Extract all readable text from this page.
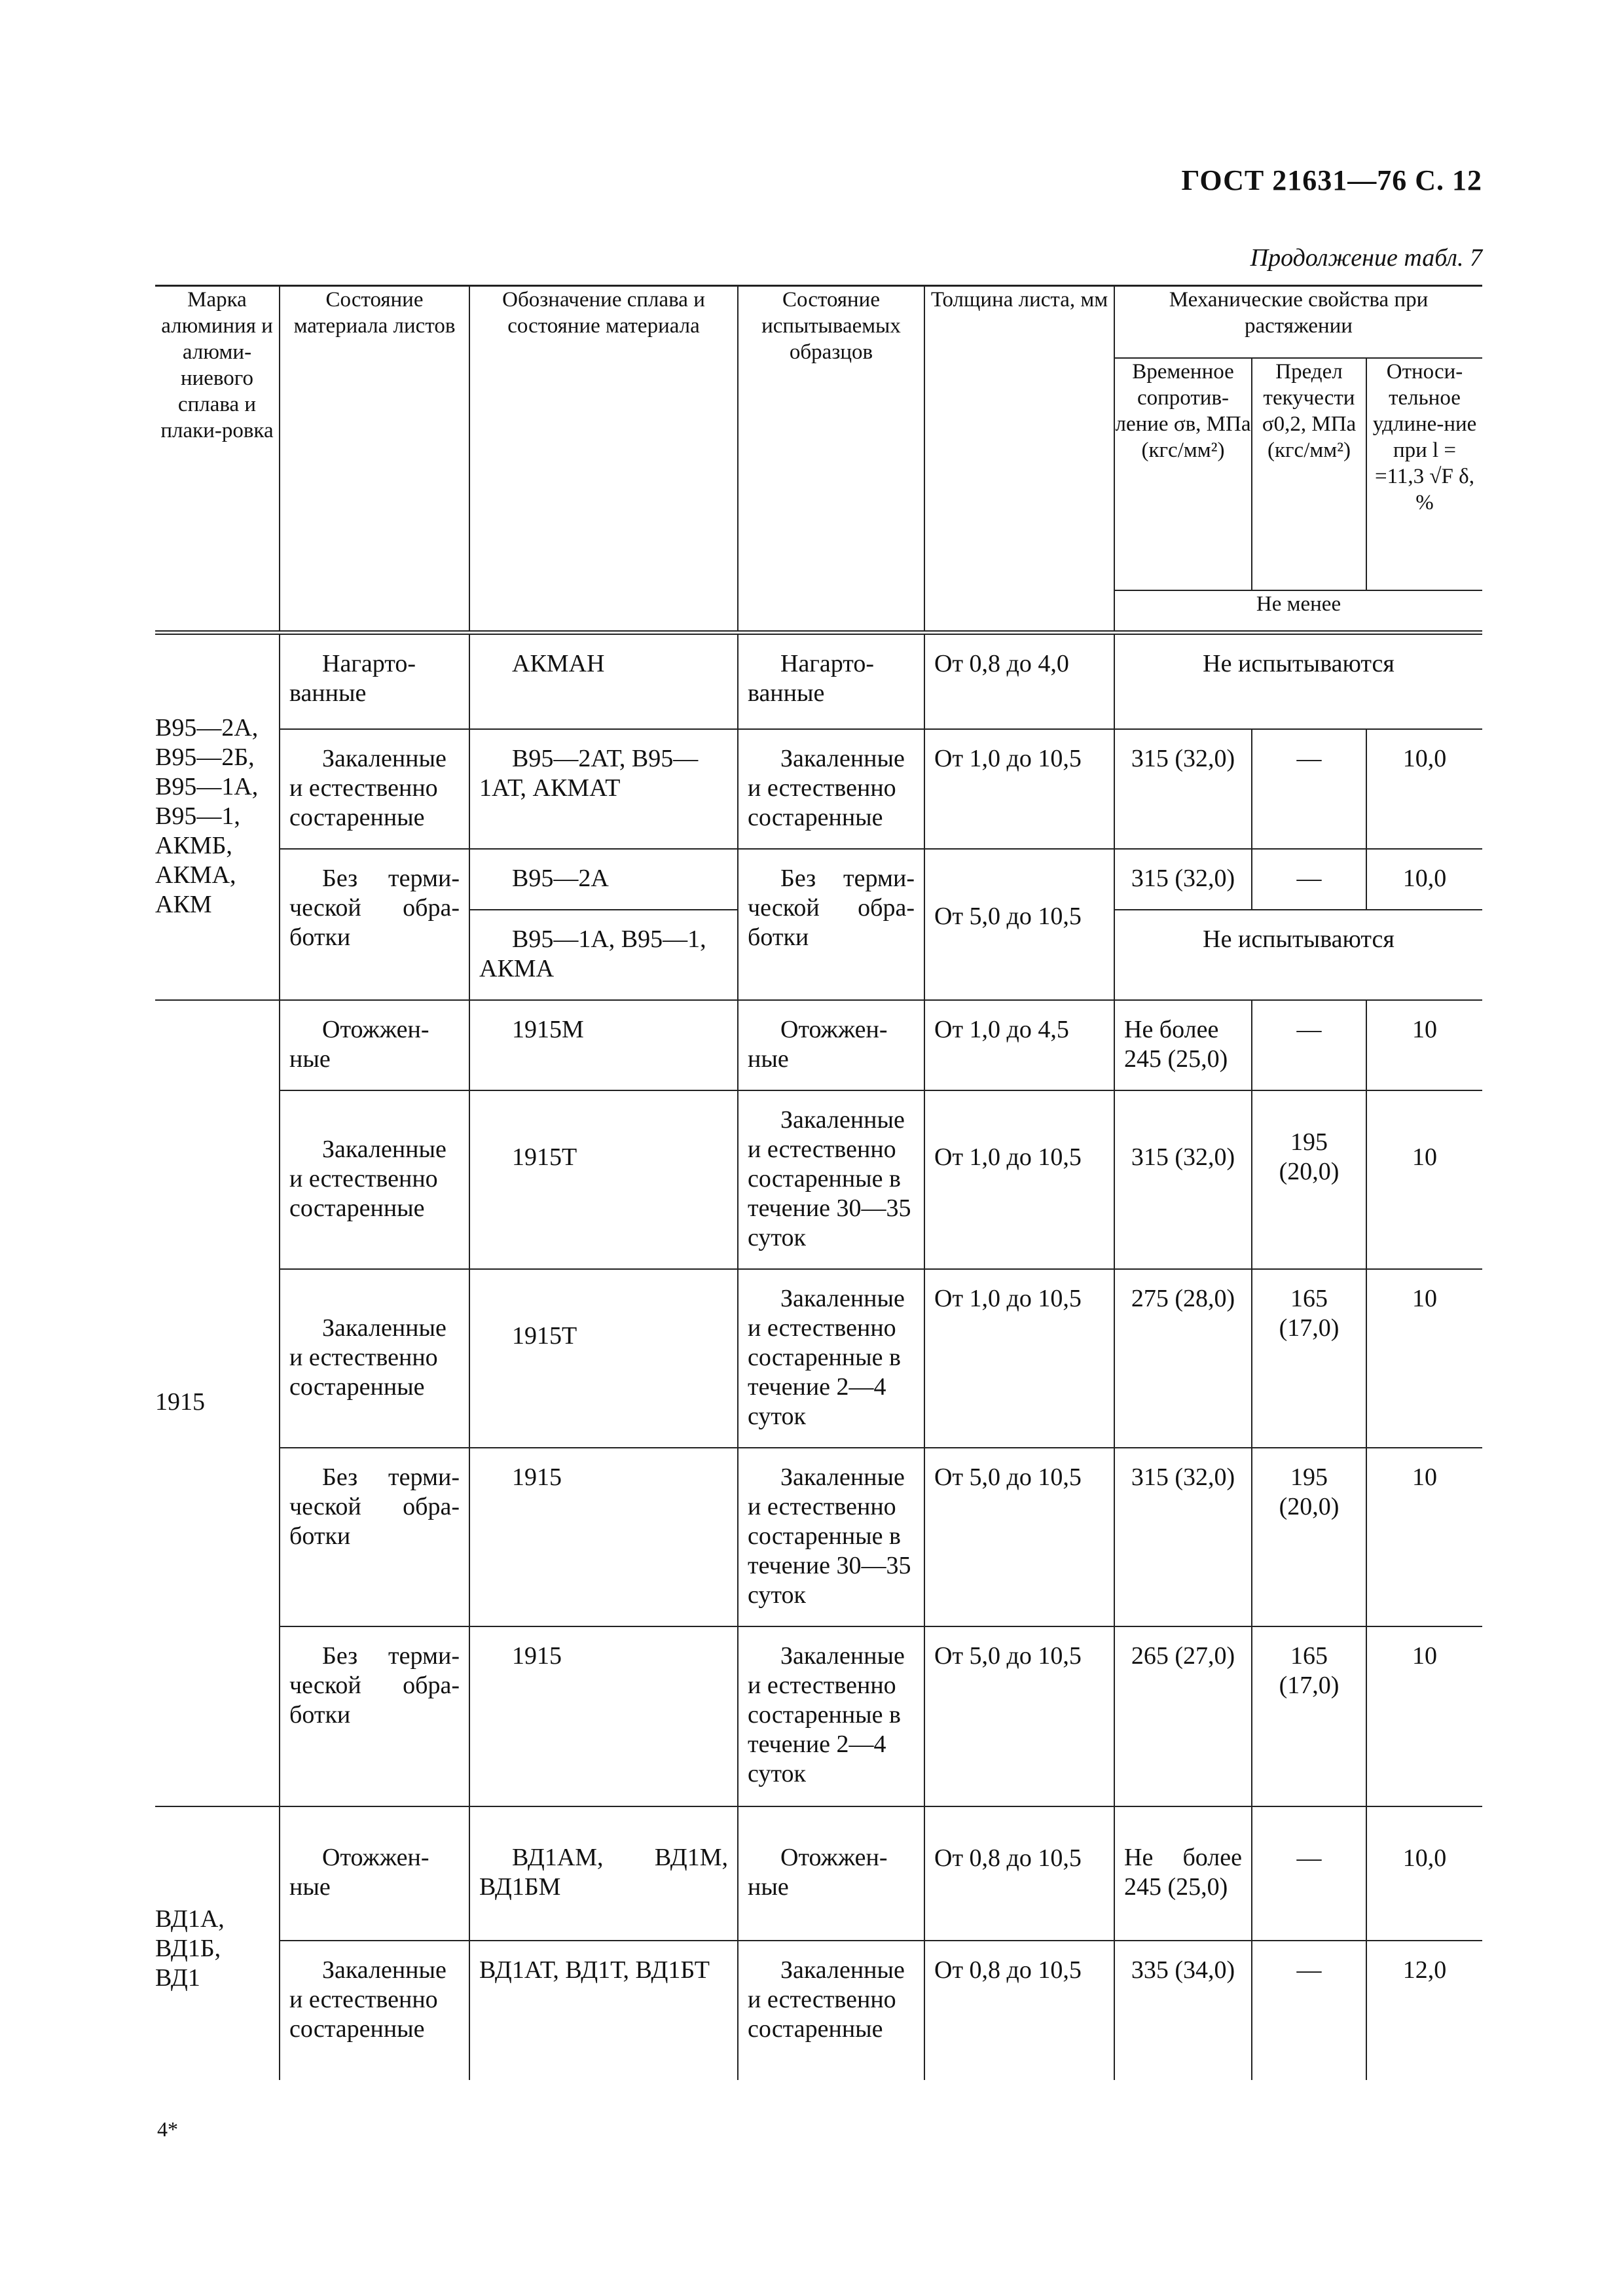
ГОСТ 21631—76 С. 12
Продолжение табл. 7
Марка алюминия и алюми-ниевого сплава и плаки-ровка	Состояние материала листов	Обозначение сплава и состояние материала	Состояние испытываемых образцов	Толщина листа, мм	Механические свойства при растяжении		
					Временное сопротив-ление σв, МПа (кгс/мм²)	Предел текучести σ0,2, МПа (кгс/мм²)	Относи-тельное удлине-ние при l = =11,3 √F δ, %
					Не менее		

В95—2А, В95—2Б, В95—1А, В95—1, АКМБ, АКМА, АКМ	Нагарто-ванные	АКМАН	Нагарто-ванные	От 0,8 до 4,0	Не испытываются		

	Закаленные и естественно состаренные	В95—2АТ, В95—1АТ, АКМАТ	Закаленные и естественно состаренные	От 1,0 до 10,5	315 (32,0)	—	10,0

	Без терми-ческой обра-ботки	В95—2А	Без терми-ческой обра-ботки	От 5,0 до 10,5	315 (32,0)	—	10,0

		В95—1А, В95—1, АКМА			Не испытываются		

1915	Отожжен-ные	1915М	Отожжен-ные	От 1,0 до 4,5	Не более 245 (25,0)	—	10

	Закаленные и естественно состаренные	1915Т	Закаленные и естественно состаренные в течение 30—35 суток	От 1,0 до 10,5	315 (32,0)	195 (20,0)	10

	Закаленные и естественно состаренные	1915Т	Закаленные и естественно состаренные в течение 2—4 суток	От 1,0 до 10,5	275 (28,0)	165 (17,0)	10

	Без терми-ческой обра-ботки	1915	Закаленные и естественно состаренные в течение 30—35 суток	От 5,0 до 10,5	315 (32,0)	195 (20,0)	10

	Без терми-ческой обра-ботки	1915	Закаленные и естественно состаренные в течение 2—4 суток	От 5,0 до 10,5	265 (27,0)	165 (17,0)	10

ВД1А, ВД1Б, ВД1	Отожжен-ные	ВД1АМ, ВД1М, ВД1БМ	Отожжен-ные	От 0,8 до 10,5	Не более 245 (25,0)	—	10,0

	Закаленные и естественно состаренные	ВД1АТ, ВД1Т, ВД1БТ	Закаленные и естественно состаренные	От 0,8 до 10,5	335 (34,0)	—	12,0
4*
